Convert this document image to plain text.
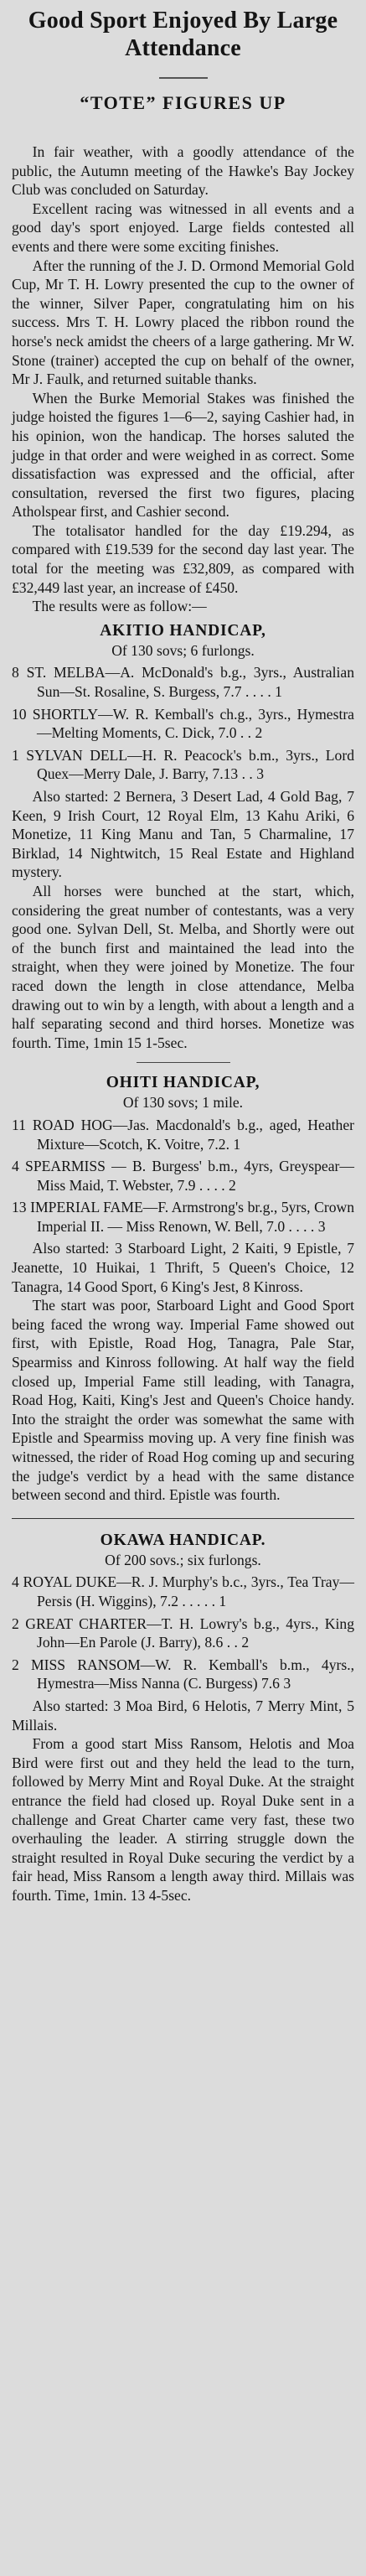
Good Sport Enjoyed By Large Attendance
“TOTE” FIGURES UP

In fair weather, with a goodly attendance of the public, the Autumn meeting of the Hawke's Bay Jockey Club was concluded on Saturday.

Excellent racing was witnessed in all events and a good day's sport enjoyed. Large fields contested all events and there were some exciting finishes.

After the running of the J. D. Ormond Memorial Gold Cup, Mr T. H. Lowry presented the cup to the owner of the winner, Silver Paper, congratulating him on his success. Mrs T. H. Lowry placed the ribbon round the horse's neck amidst the cheers of a large gathering. Mr W. Stone (trainer) accepted the cup on behalf of the owner, Mr J. Faulk, and returned suitable thanks.

When the Burke Memorial Stakes was finished the judge hoisted the figures 1—6—2, saying Cashier had, in his opinion, won the handicap. The horses saluted the judge in that order and were weighed in as correct. Some dissatisfaction was expressed and the official, after consultation, reversed the first two figures, placing Atholspear first, and Cashier second.

The totalisator handled for the day £19.294, as compared with £19.539 for the second day last year. The total for the meeting was £32,809, as compared with £32,449 last year, an increase of £450.

The results were as follow:—

AKITIO HANDICAP,
Of 130 sovs; 6 furlongs.
8 ST. MELBA—A. McDonald's b.g., 3yrs., Australian Sun—St. Rosaline, S. Burgess, 7.7 . . . . 1
10 SHORTLY—W. R. Kemball's ch.g., 3yrs., Hymestra—Melting Moments, C. Dick, 7.0 . . 2
1 SYLVAN DELL—H. R. Peacock's b.m., 3yrs., Lord Quex—Merry Dale, J. Barry, 7.13 . . 3

Also started: 2 Bernera, 3 Desert Lad, 4 Gold Bag, 7 Keen, 9 Irish Court, 12 Royal Elm, 13 Kahu Ariki, 6 Monetize, 11 King Manu and Tan, 5 Charmaline, 17 Birklad, 14 Nightwitch, 15 Real Estate and Highland mystery.

All horses were bunched at the start, which, considering the great number of contestants, was a very good one. Sylvan Dell, St. Melba, and Shortly were out of the bunch first and maintained the lead into the straight, when they were joined by Monetize. The four raced down the length in close attendance, Melba drawing out to win by a length, with about a length and a half separating second and third horses. Monetize was fourth. Time, 1min 15 1-5sec.

OHITI HANDICAP,
Of 130 sovs; 1 mile.
11 ROAD HOG—Jas. Macdonald's b.g., aged, Heather Mixture—Scotch, K. Voitre, 7.2. 1
4 SPEARMISS — B. Burgess' b.m., 4yrs, Greyspear—Miss Maid, T. Webster, 7.9 . . . . 2
13 IMPERIAL FAME—F. Armstrong's br.g., 5yrs, Crown Imperial II. — Miss Renown, W. Bell, 7.0 . . . . 3

Also started: 3 Starboard Light, 2 Kaiti, 9 Epistle, 7 Jeanette, 10 Huikai, 1 Thrift, 5 Queen's Choice, 12 Tanagra, 14 Good Sport, 6 King's Jest, 8 Kinross.

The start was poor, Starboard Light and Good Sport being faced the wrong way. Imperial Fame showed out first, with Epistle, Road Hog, Tanagra, Pale Star, Spearmiss and Kinross following. At half way the field closed up, Imperial Fame still leading, with Tanagra, Road Hog, Kaiti, King's Jest and Queen's Choice handy. Into the straight the order was somewhat the same with Epistle and Spearmiss moving up. A very fine finish was witnessed, the rider of Road Hog coming up and securing the judge's verdict by a head with the same distance between second and third. Epistle was fourth.

OKAWA HANDICAP.
Of 200 sovs.; six furlongs.
4 ROYAL DUKE—R. J. Murphy's b.c., 3yrs., Tea Tray—Persis (H. Wiggins), 7.2 . . . . . 1
2 GREAT CHARTER—T. H. Lowry's b.g., 4yrs., King John—En Parole (J. Barry), 8.6 . . 2
2 MISS RANSOM—W. R. Kemball's b.m., 4yrs., Hymestra—Miss Nanna (C. Burgess) 7.6 3

Also started: 3 Moa Bird, 6 Helotis, 7 Merry Mint, 5 Millais.

From a good start Miss Ransom, Helotis and Moa Bird were first out and they held the lead to the turn, followed by Merry Mint and Royal Duke. At the straight entrance the field had closed up. Royal Duke sent in a challenge and Great Charter came very fast, these two overhauling the leader. A stirring struggle down the straight resulted in Royal Duke securing the verdict by a fair head, Miss Ransom a length away third. Millais was fourth. Time, 1min. 13 4-5sec.
